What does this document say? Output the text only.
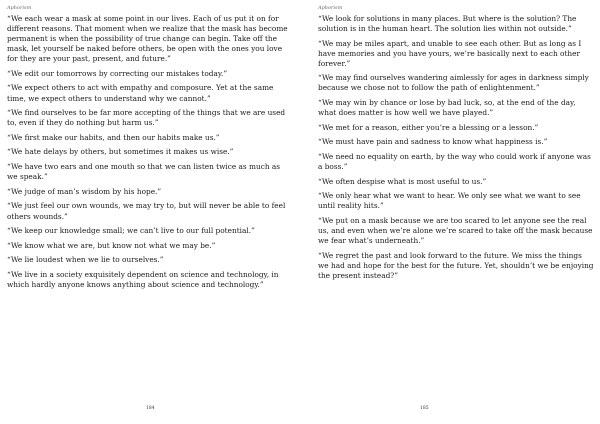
Aphorism

“We each wear a mask at some point in our lives. Each of us put it on for different reasons. That moment when we realize that the mask has become permanent is when the possibility of true change can begin. Take off the mask, let yourself be naked before others, be open with the ones you love for they are your past, present, and future.”

“We edit our tomorrows by correcting our mistakes today.”

“We expect others to act with empathy and composure. Yet at the same time, we expect others to understand why we cannot.”

“We find ourselves to be far more accepting of the things that we are used to, even if they do nothing but harm us.”

“We first make our habits, and then our habits make us.”

“We hate delays by others, but sometimes it makes us wise.”

“We have two ears and one mouth so that we can listen twice as much as we speak.”

“We judge of man’s wisdom by his hope.”

“We just feel our own wounds, we may try to, but will never be able to feel others wounds.”

“We keep our knowledge small; we can’t live to our full potential.”

“We know what we are, but know not what we may be.”

“We lie loudest when we lie to ourselves.”

“We live in a society exquisitely dependent on science and technology, in which hardly anyone knows anything about science and technology.”

184
Aphorism

“We look for solutions in many places. But where is the solution? The solution is in the human heart. The solution lies within not outside.”

“We may be miles apart, and unable to see each other. But as long as I have memories and you have yours, we’re basically next to each other forever.”

“We may find ourselves wandering aimlessly for ages in darkness simply because we chose not to follow the path of enlightenment.”

“We may win by chance or lose by bad luck, so, at the end of the day, what does matter is how well we have played.”

“We met for a reason, either you’re a blessing or a lesson.”

“We must have pain and sadness to know what happiness is.”

“We need no equality on earth, by the way who could work if anyone was a boss.”

“We often despise what is most useful to us.”

“We only hear what we want to hear. We only see what we want to see until reality hits.”

“We put on a mask because we are too scared to let anyone see the real us, and even when we’re alone we’re scared to take off the mask because we fear what’s underneath.”

“We regret the past and look forward to the future. We miss the things we had and hope for the best for the future. Yet, shouldn’t we be enjoying the present instead?”

185
